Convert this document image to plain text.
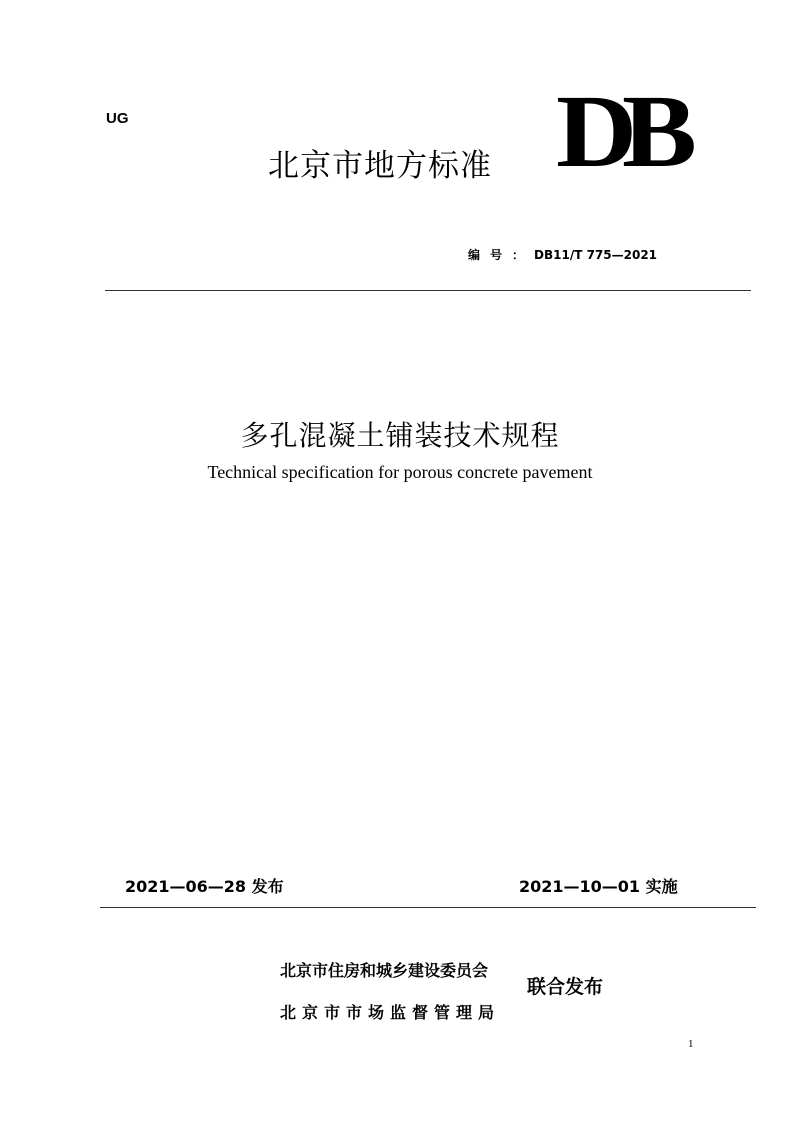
UG
北京市地方标准 DB
编号：DB11/T 775—2021
多孔混凝土铺装技术规程
Technical specification for porous concrete pavement
2021—06—28 发布	2021—10—01 实施
北京市住房和城乡建设委员会
北京市市场监督管理局
联合发布
1
